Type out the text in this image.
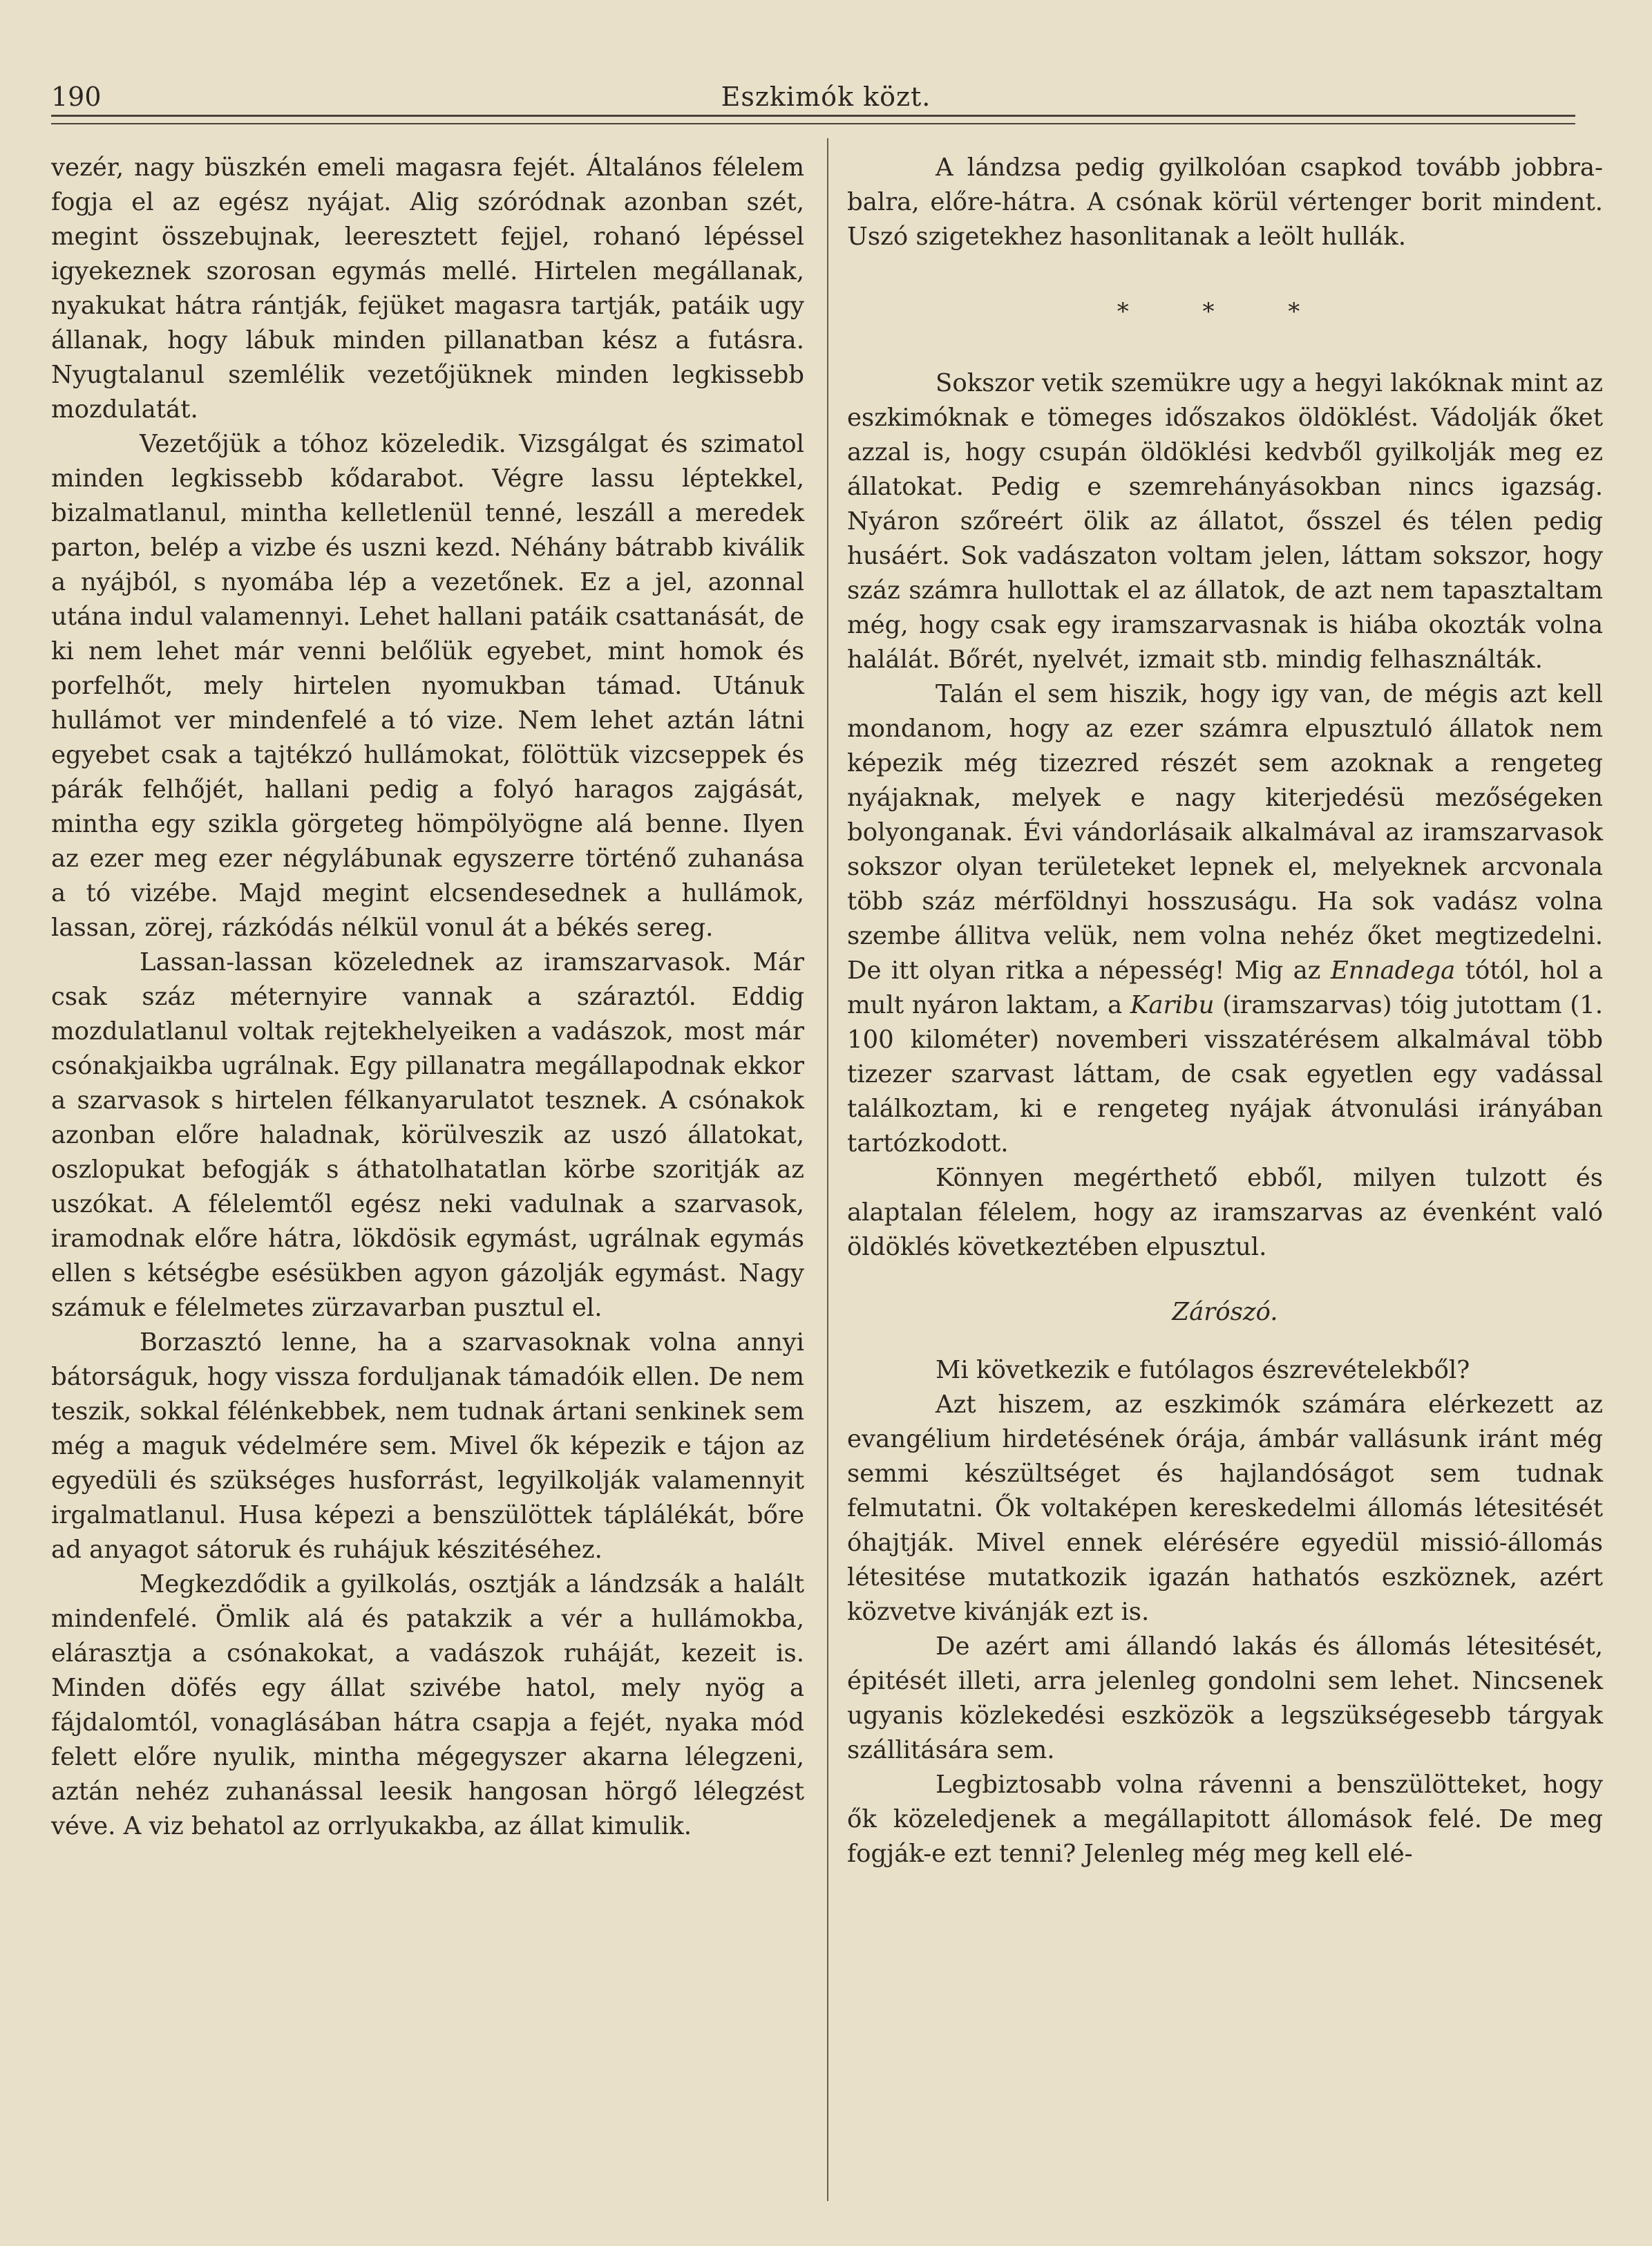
190	Eszkimók közt.

vezér, nagy büszkén emeli magasra fejét. Általános félelem fogja el az egész nyájat. Alig szóródnak azonban szét, megint összebujnak, leeresztett fejjel, rohanó lépéssel igyekeznek szorosan egymás mellé. Hirtelen megállanak, nyakukat hátra rántják, fejüket magasra tartják, patáik ugy állanak, hogy lábuk minden pillanatban kész a futásra. Nyugtalanul szemlélik vezetőjüknek minden legkissebb mozdulatát.

Vezetőjük a tóhoz közeledik. Vizsgálgat és szimatol minden legkissebb kődarabot. Végre lassu léptekkel, bizalmatlanul, mintha kelletlenül tenné, leszáll a meredek parton, belép a vizbe és uszni kezd. Néhány bátrabb kiválik a nyájból, s nyomába lép a vezetőnek. Ez a jel, azonnal utána indul valamennyi. Lehet hallani patáik csattanását, de ki nem lehet már venni belőlük egyebet, mint homok és porfelhőt, mely hirtelen nyomukban támad. Utánuk hullámot ver mindenfelé a tó vize. Nem lehet aztán látni egyebet csak a tajtékzó hullámokat, fölöttük vizcseppek és párák felhőjét, hallani pedig a folyó haragos zajgását, mintha egy szikla görgeteg hömpölyögne alá benne. Ilyen az ezer meg ezer négylábunak egyszerre történő zuhanása a tó vizébe. Majd megint elcsendesednek a hullámok, lassan, zörej, rázkódás nélkül vonul át a békés sereg.

Lassan-lassan közelednek az iramszarvasok. Már csak száz méternyire vannak a száraztól. Eddig mozdulatlanul voltak rejtekhelyeiken a vadászok, most már csónakjaikba ugrálnak. Egy pillanatra megállapodnak ekkor a szarvasok s hirtelen félkanyarulatot tesznek. A csónakok azonban előre haladnak, körülveszik az uszó állatokat, oszlopukat befogják s áthatolhatatlan körbe szoritják az uszókat. A félelemtől egész neki vadulnak a szarvasok, iramodnak előre hátra, lökdösik egymást, ugrálnak egymás ellen s kétségbe esésükben agyon gázolják egymást. Nagy számuk e félelmetes zürzavarban pusztul el.

Borzasztó lenne, ha a szarvasoknak volna annyi bátorságuk, hogy vissza forduljanak támadóik ellen. De nem teszik, sokkal félénkebbek, nem tudnak ártani senkinek sem még a maguk védelmére sem. Mivel ők képezik e tájon az egyedüli és szükséges husforrást, legyilkolják valamennyit irgalmatlanul. Husa képezi a benszülöttek táplálékát, bőre ad anyagot sátoruk és ruhájuk készitéséhez.

Megkezdődik a gyilkolás, osztják a lándzsák a halált mindenfelé. Ömlik alá és patakzik a vér a hullámokba, elárasztja a csónakokat, a vadászok ruháját, kezeit is. Minden döfés egy állat szivébe hatol, mely nyög a fájdalomtól, vonaglásában hátra csapja a fejét, nyaka mód felett előre nyulik, mintha mégegyszer akarna lélegzeni, aztán nehéz zuhanással leesik hangosan hörgő lélegzést véve. A viz behatol az orrlyukakba, az állat kimulik.

A lándzsa pedig gyilkolóan csapkod tovább jobbra-balra, előre-hátra. A csónak körül vértenger borit mindent. Uszó szigetekhez hasonlitanak a leölt hullák.

* * *

Sokszor vetik szemükre ugy a hegyi lakóknak mint az eszkimóknak e tömeges időszakos öldöklést. Vádolják őket azzal is, hogy csupán öldöklési kedvből gyilkolják meg ez állatokat. Pedig e szemrehányásokban nincs igazság. Nyáron szőreért ölik az állatot, ősszel és télen pedig husáért. Sok vadászaton voltam jelen, láttam sokszor, hogy száz számra hullottak el az állatok, de azt nem tapasztaltam még, hogy csak egy iramszarvasnak is hiába okozták volna halálát. Bőrét, nyelvét, izmait stb. mindig felhasználták.

Talán el sem hiszik, hogy igy van, de mégis azt kell mondanom, hogy az ezer számra elpusztuló állatok nem képezik még tizezred részét sem azoknak a rengeteg nyájaknak, melyek e nagy kiterjedésü mezőségeken bolyonganak. Évi vándorlásaik alkalmával az iramszarvasok sokszor olyan területeket lepnek el, melyeknek arcvonala több száz mérföldnyi hosszuságu. Ha sok vadász volna szembe állitva velük, nem volna nehéz őket megtizedelni. De itt olyan ritka a népesség! Mig az Ennadega tótól, hol a mult nyáron laktam, a Karibu (iramszarvas) tóig jutottam (1. 100 kilométer) novemberi visszatérésem alkalmával több tizezer szarvast láttam, de csak egyetlen egy vadással találkoztam, ki e rengeteg nyájak átvonulási irányában tartózkodott.

Könnyen megérthető ebből, milyen tulzott és alaptalan félelem, hogy az iramszarvas az évenként való öldöklés következtében elpusztul.

Zárószó.

Mi következik e futólagos észrevételekből?

Azt hiszem, az eszkimók számára elérkezett az evangélium hirdetésének órája, ámbár vallásunk iránt még semmi készültséget és hajlandóságot sem tudnak felmutatni. Ők voltaképen kereskedelmi állomás létesitését óhajtják. Mivel ennek elérésére egyedül missió-állomás létesitése mutatkozik igazán hathatós eszköznek, azért közvetve kivánják ezt is.

De azért ami állandó lakás és állomás létesitését, épitését illeti, arra jelenleg gondolni sem lehet. Nincsenek ugyanis közlekedési eszközök a legszükségesebb tárgyak szállitására sem.

Legbiztosabb volna rávenni a benszülötteket, hogy ők közeledjenek a megállapitott állomások felé. De meg fogják-e ezt tenni? Jelenleg még meg kell elé-
